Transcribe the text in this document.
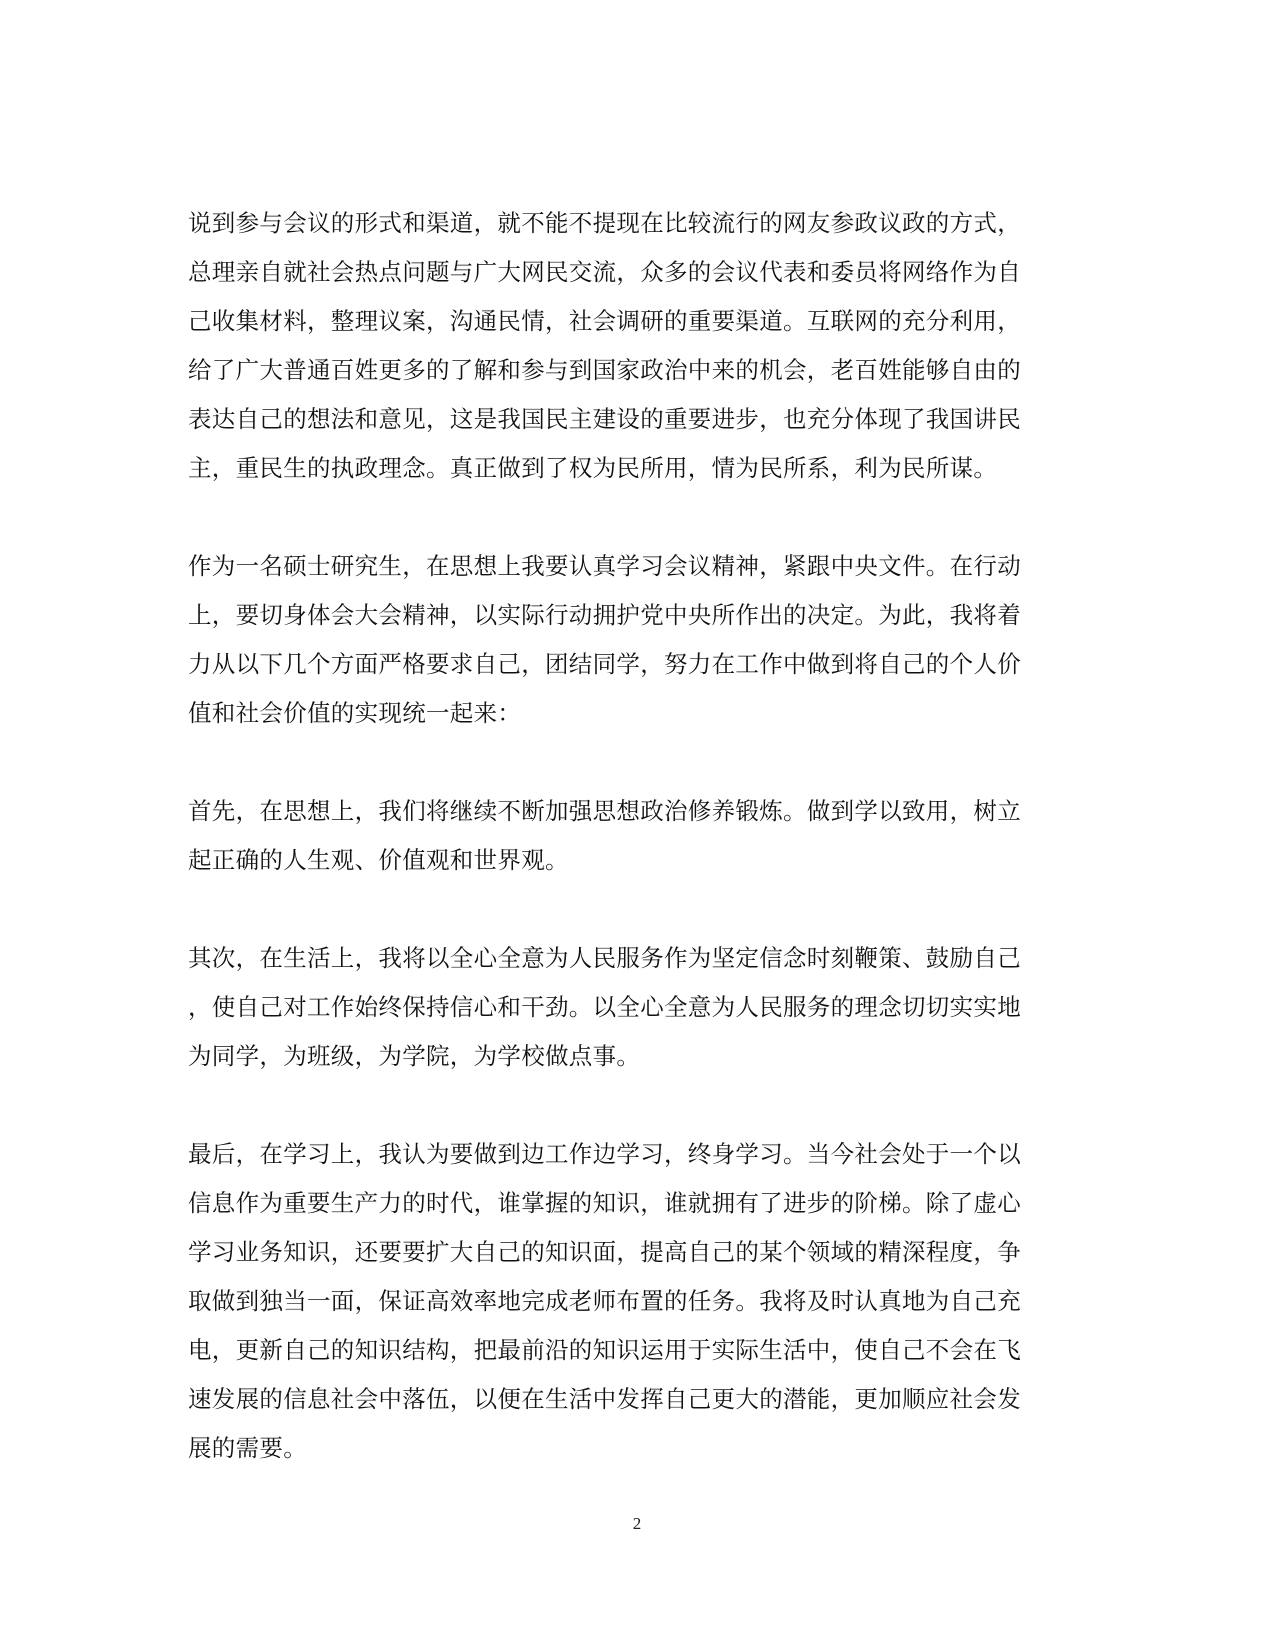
说到参与会议的形式和渠道，就不能不提现在比较流行的网友参政议政的方式，
总理亲自就社会热点问题与广大网民交流，众多的会议代表和委员将网络作为自
己收集材料，整理议案，沟通民情，社会调研的重要渠道。互联网的充分利用，
给了广大普通百姓更多的了解和参与到国家政治中来的机会，老百姓能够自由的
表达自己的想法和意见，这是我国民主建设的重要进步，也充分体现了我国讲民
主，重民生的执政理念。真正做到了权为民所用，情为民所系，利为民所谋。
作为一名硕士研究生，在思想上我要认真学习会议精神，紧跟中央文件。在行动
上，要切身体会大会精神，以实际行动拥护党中央所作出的决定。为此，我将着
力从以下几个方面严格要求自己，团结同学，努力在工作中做到将自己的个人价
值和社会价值的实现统一起来：
首先，在思想上，我们将继续不断加强思想政治修养锻炼。做到学以致用，树立
起正确的人生观、价值观和世界观。
其次，在生活上，我将以全心全意为人民服务作为坚定信念时刻鞭策、鼓励自己
，使自己对工作始终保持信心和干劲。以全心全意为人民服务的理念切切实实地
为同学，为班级，为学院，为学校做点事。
最后，在学习上，我认为要做到边工作边学习，终身学习。当今社会处于一个以
信息作为重要生产力的时代，谁掌握的知识，谁就拥有了进步的阶梯。除了虚心
学习业务知识，还要要扩大自己的知识面，提高自己的某个领域的精深程度，争
取做到独当一面，保证高效率地完成老师布置的任务。我将及时认真地为自己充
电，更新自己的知识结构，把最前沿的知识运用于实际生活中，使自己不会在飞
速发展的信息社会中落伍，以便在生活中发挥自己更大的潜能，更加顺应社会发
展的需要。
2
